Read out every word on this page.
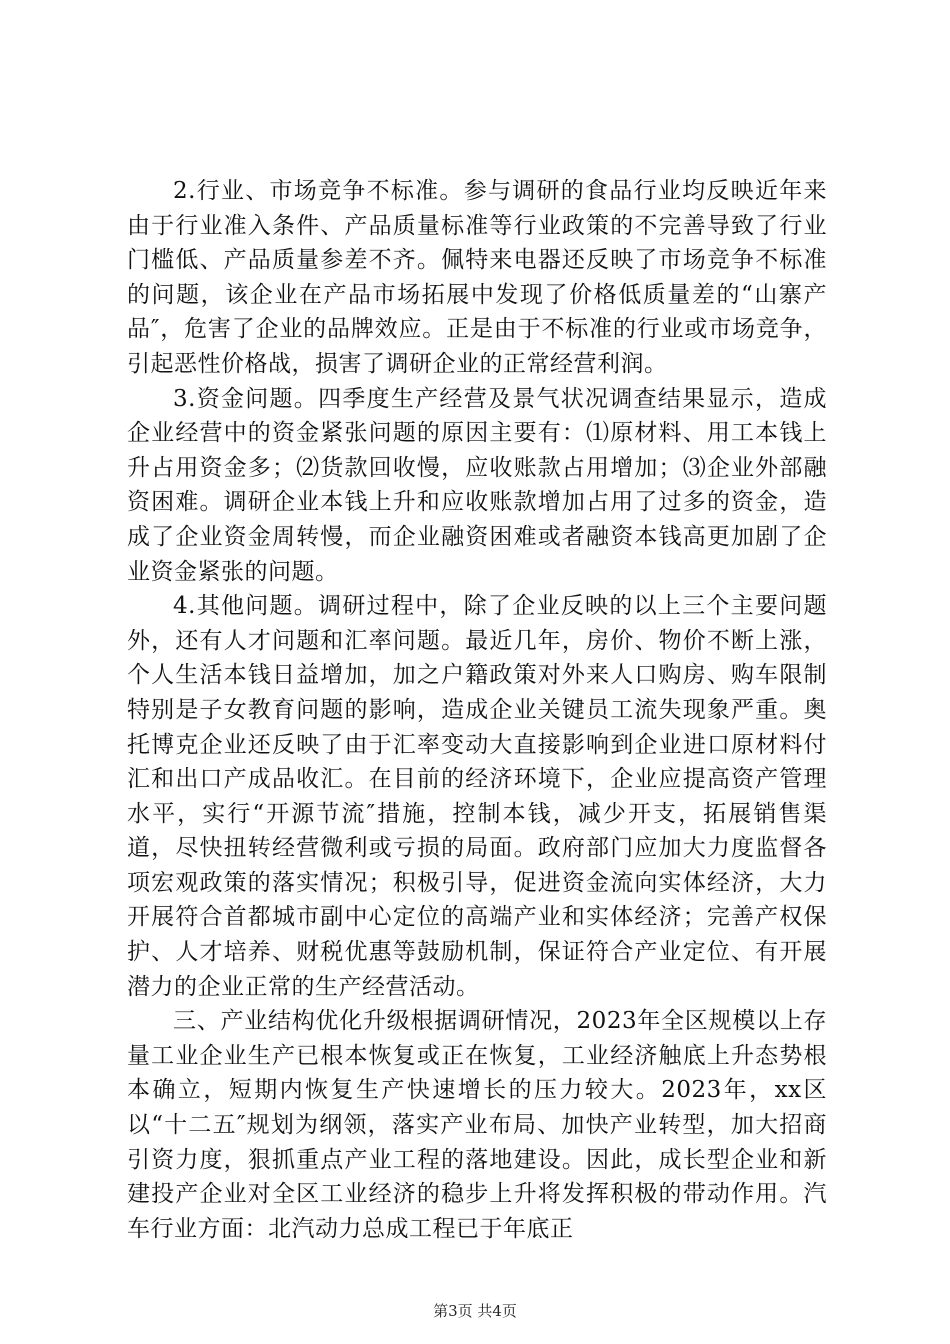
2.行业、市场竞争不标准。参与调研的食品行业均反映近年来由于行业准入条件、产品质量标准等行业政策的不完善导致了行业门槛低、产品质量参差不齐。佩特来电器还反映了市场竞争不标准的问题，该企业在产品市场拓展中发现了价格低质量差的“山寨产品″，危害了企业的品牌效应。正是由于不标准的行业或市场竞争，引起恶性价格战，损害了调研企业的正常经营利润。

3.资金问题。四季度生产经营及景气状况调查结果显示，造成企业经营中的资金紧张问题的原因主要有：⑴原材料、用工本钱上升占用资金多；⑵货款回收慢，应收账款占用增加；⑶企业外部融资困难。调研企业本钱上升和应收账款增加占用了过多的资金，造成了企业资金周转慢，而企业融资困难或者融资本钱高更加剧了企业资金紧张的问题。

4.其他问题。调研过程中，除了企业反映的以上三个主要问题外，还有人才问题和汇率问题。最近几年，房价、物价不断上涨，个人生活本钱日益增加，加之户籍政策对外来人口购房、购车限制特别是子女教育问题的影响，造成企业关键员工流失现象严重。奥托博克企业还反映了由于汇率变动大直接影响到企业进口原材料付汇和出口产成品收汇。在目前的经济环境下，企业应提高资产管理水平，实行“开源节流″措施，控制本钱，减少开支，拓展销售渠道，尽快扭转经营微利或亏损的局面。政府部门应加大力度监督各项宏观政策的落实情况；积极引导，促进资金流向实体经济，大力开展符合首都城市副中心定位的高端产业和实体经济；完善产权保护、人才培养、财税优惠等鼓励机制，保证符合产业定位、有开展潜力的企业正常的生产经营活动。

三、产业结构优化升级根据调研情况，2023年全区规模以上存量工业企业生产已根本恢复或正在恢复，工业经济触底上升态势根本确立，短期内恢复生产快速增长的压力较大。2023年，xx区以“十二五″规划为纲领，落实产业布局、加快产业转型，加大招商引资力度，狠抓重点产业工程的落地建设。因此，成长型企业和新建投产企业对全区工业经济的稳步上升将发挥积极的带动作用。汽车行业方面：北汽动力总成工程已于年底正

第3页 共4页
